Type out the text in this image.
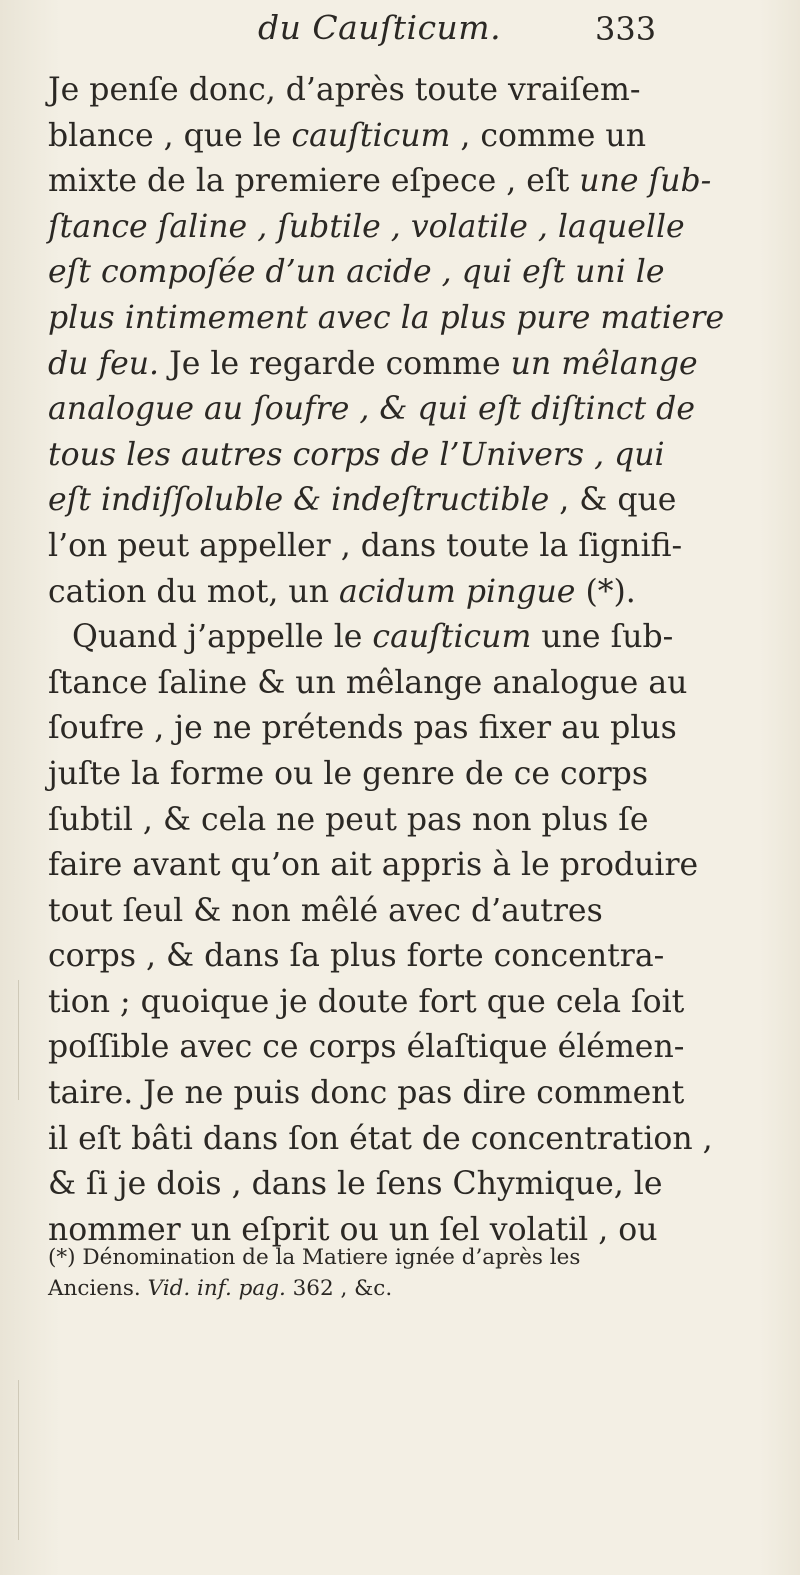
du Cauſticum.	333
Je penſe donc, d’après toute vraiſem-
blance , que le cauſticum , comme un
mixte de la premiere eſpece , eſt une ſub-
ſtance ſaline , ſubtile , volatile , laquelle
eſt compoſée d’un acide , qui eſt uni le
plus intimement avec la plus pure matiere
du feu. Je le regarde comme un mêlange
analogue au ſoufre , & qui eſt diſtinct de
tous les autres corps de l’Univers , qui
eſt indiſſoluble & indeſtructible , & que
l’on peut appeller , dans toute la ſignifi-
cation du mot, un acidum pingue (*).
Quand j’appelle le cauſticum une ſub-
ſtance ſaline & un mêlange analogue au
ſoufre , je ne prétends pas fixer au plus
juſte la forme ou le genre de ce corps
ſubtil , & cela ne peut pas non plus ſe
faire avant qu’on ait appris à le produire
tout ſeul & non mêlé avec d’autres
corps , & dans ſa plus forte concentra-
tion ; quoique je doute fort que cela ſoit
poſſible avec ce corps élaſtique élémen-
taire. Je ne puis donc pas dire comment
il eſt bâti dans ſon état de concentration ,
& ſi je dois , dans le ſens Chymique, le
nommer un eſprit ou un ſel volatil , ou
(*) Dénomination de la Matiere ignée d’après les
Anciens. Vid. inf. pag. 362 , &c.
